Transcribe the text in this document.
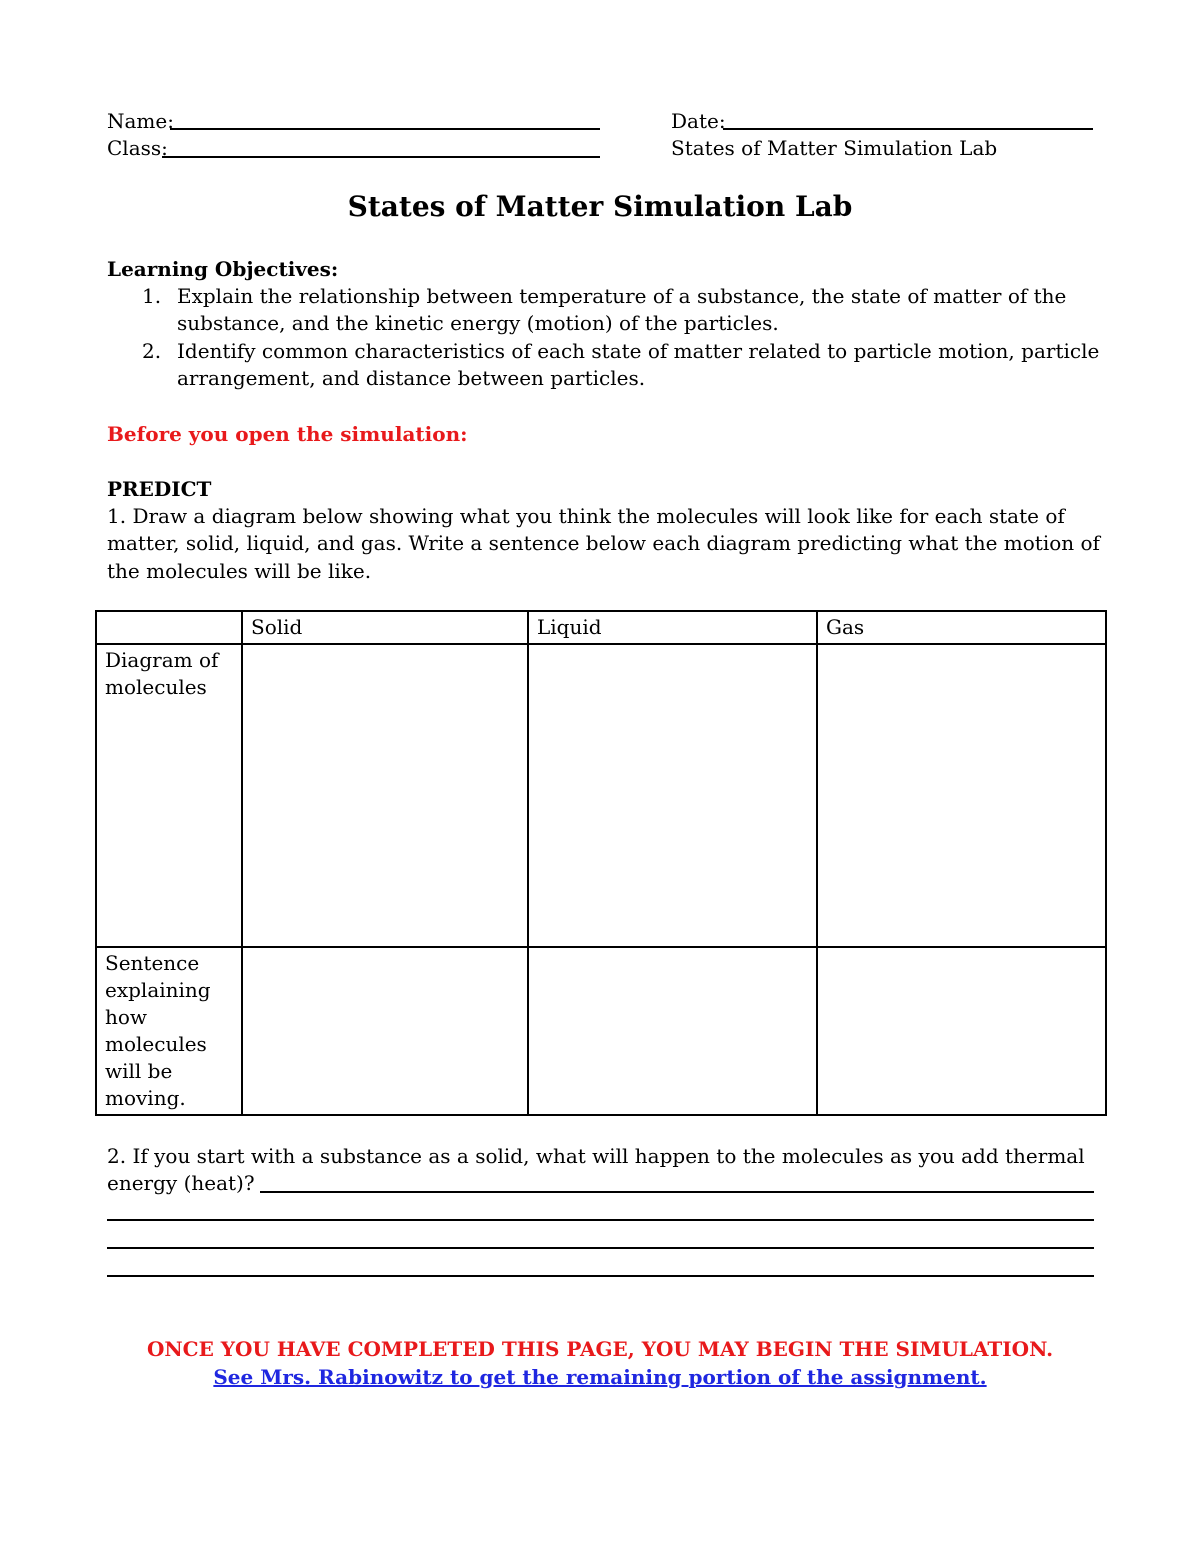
Name:
Class:
Date:
States of Matter Simulation Lab
States of Matter Simulation Lab
Learning Objectives:
1. Explain the relationship between temperature of a substance, the state of matter of the
substance, and the kinetic energy (motion) of the particles.
2. Identify common characteristics of each state of matter related to particle motion, particle
arrangement, and distance between particles.
Before you open the simulation:
PREDICT
1. Draw a diagram below showing what you think the molecules will look like for each state of
matter, solid, liquid, and gas. Write a sentence below each diagram predicting what the motion of
the molecules will be like.
	Solid	Liquid	Gas
Diagram of molecules			
Sentence explaining how molecules will be moving.			
2. If you start with a substance as a solid, what will happen to the molecules as you add thermal
energy (heat)?
ONCE YOU HAVE COMPLETED THIS PAGE, YOU MAY BEGIN THE SIMULATION.
See Mrs. Rabinowitz to get the remaining portion of the assignment.
